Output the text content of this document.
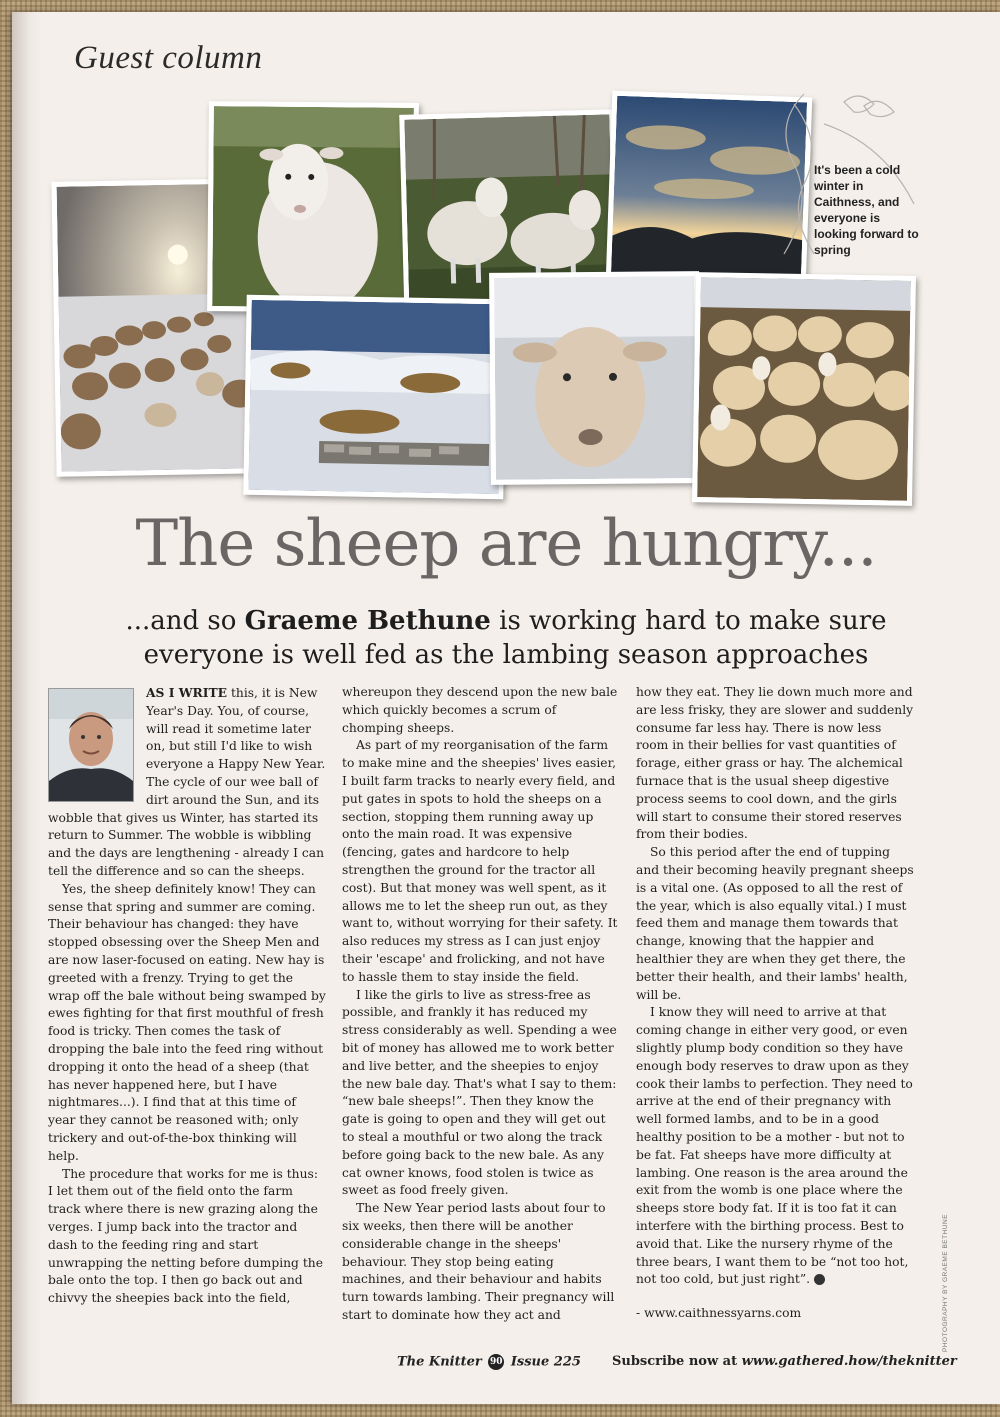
Guest column
It's been a cold winter in Caithness, and everyone is looking forward to spring
The sheep are hungry...
...and so Graeme Bethune is working hard to make sure everyone is well fed as the lambing season approaches

AS I WRITE this, it is New Year's Day. You, of course, will read it sometime later on, but still I'd like to wish everyone a Happy New Year. The cycle of our wee ball of dirt around the Sun, and its wobble that gives us Winter, has started its return to Summer. The wobble is wibbling and the days are lengthening - already I can tell the difference and so can the sheeps.

Yes, the sheep definitely know! They can sense that spring and summer are coming. Their behaviour has changed: they have stopped obsessing over the Sheep Men and are now laser-focused on eating. New hay is greeted with a frenzy. Trying to get the wrap off the bale without being swamped by ewes fighting for that first mouthful of fresh food is tricky. Then comes the task of dropping the bale into the feed ring without dropping it onto the head of a sheep (that has never happened here, but I have nightmares...). I find that at this time of year they cannot be reasoned with; only trickery and out-of-the-box thinking will help.

The procedure that works for me is thus: I let them out of the field onto the farm track where there is new grazing along the verges. I jump back into the tractor and dash to the feeding ring and start unwrapping the netting before dumping the bale onto the top. I then go back out and chivvy the sheepies back into the field,

whereupon they descend upon the new bale which quickly becomes a scrum of chomping sheeps.

As part of my reorganisation of the farm to make mine and the sheepies' lives easier, I built farm tracks to nearly every field, and put gates in spots to hold the sheeps on a section, stopping them running away up onto the main road. It was expensive (fencing, gates and hardcore to help strengthen the ground for the tractor all cost). But that money was well spent, as it allows me to let the sheep run out, as they want to, without worrying for their safety. It also reduces my stress as I can just enjoy their 'escape' and frolicking, and not have to hassle them to stay inside the field.

I like the girls to live as stress-free as possible, and frankly it has reduced my stress considerably as well. Spending a wee bit of money has allowed me to work better and live better, and the sheepies to enjoy the new bale day. That's what I say to them: “new bale sheeps!”. Then they know the gate is going to open and they will get out to steal a mouthful or two along the track before going back to the new bale. As any cat owner knows, food stolen is twice as sweet as food freely given.

The New Year period lasts about four to six weeks, then there will be another considerable change in the sheeps' behaviour. They stop being eating machines, and their behaviour and habits turn towards lambing. Their pregnancy will start to dominate how they act and

how they eat. They lie down much more and are less frisky, they are slower and suddenly consume far less hay. There is now less room in their bellies for vast quantities of forage, either grass or hay. The alchemical furnace that is the usual sheep digestive process seems to cool down, and the girls will start to consume their stored reserves from their bodies.

So this period after the end of tupping and their becoming heavily pregnant sheeps is a vital one. (As opposed to all the rest of the year, which is also equally vital.) I must feed them and manage them towards that change, knowing that the happier and healthier they are when they get there, the better their health, and their lambs' health, will be.

I know they will need to arrive at that coming change in either very good, or even slightly plump body condition so they have enough body reserves to draw upon as they cook their lambs to perfection. They need to arrive at the end of their pregnancy with well formed lambs, and to be in a good healthy position to be a mother - but not to be fat. Fat sheeps have more difficulty at lambing. One reason is the area around the exit from the womb is one place where the sheeps store body fat. If it is too fat it can interfere with the birthing process. Best to avoid that. Like the nursery rhyme of the three bears, I want them to be “not too hot, not too cold, but just right”.

- www.caithnessyarns.com	PHOTOGRAPHY BY GRAEME BETHUNE
The Knitter 90 Issue 225 Subscribe now at www.gathered.how/theknitter
